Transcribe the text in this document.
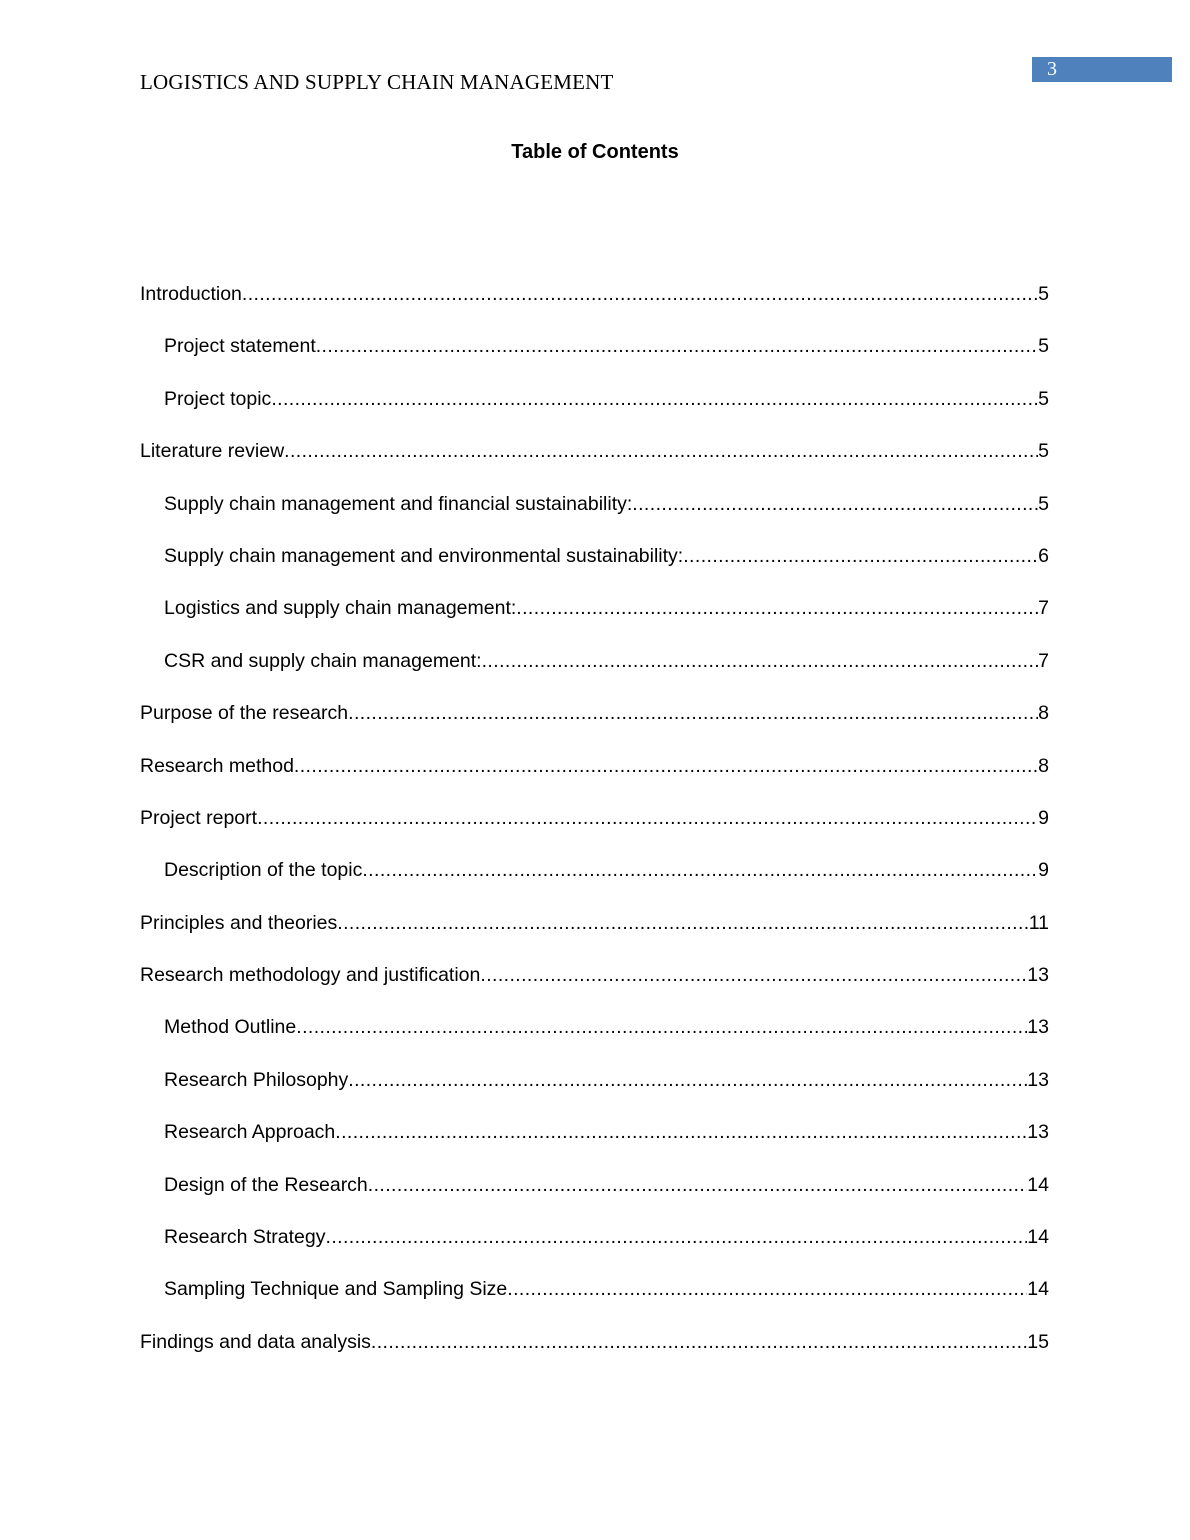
LOGISTICS AND SUPPLY CHAIN MANAGEMENT
3
Table of Contents
Introduction .....	5
Project statement .....	5
Project topic .....	5
Literature review .....	5
Supply chain management and financial sustainability: .....	5
Supply chain management and environmental sustainability: .....	6
Logistics and supply chain management: .....	7
CSR and supply chain management: .....	7
Purpose of the research .....	8
Research method .....	8
Project report .....	9
Description of the topic .....	9
Principles and theories .....	11
Research methodology and justification .....	13
Method Outline .....	13
Research Philosophy .....	13
Research Approach .....	13
Design of the Research .....	14
Research Strategy .....	14
Sampling Technique and Sampling Size .....	14
Findings and data analysis .....	15
